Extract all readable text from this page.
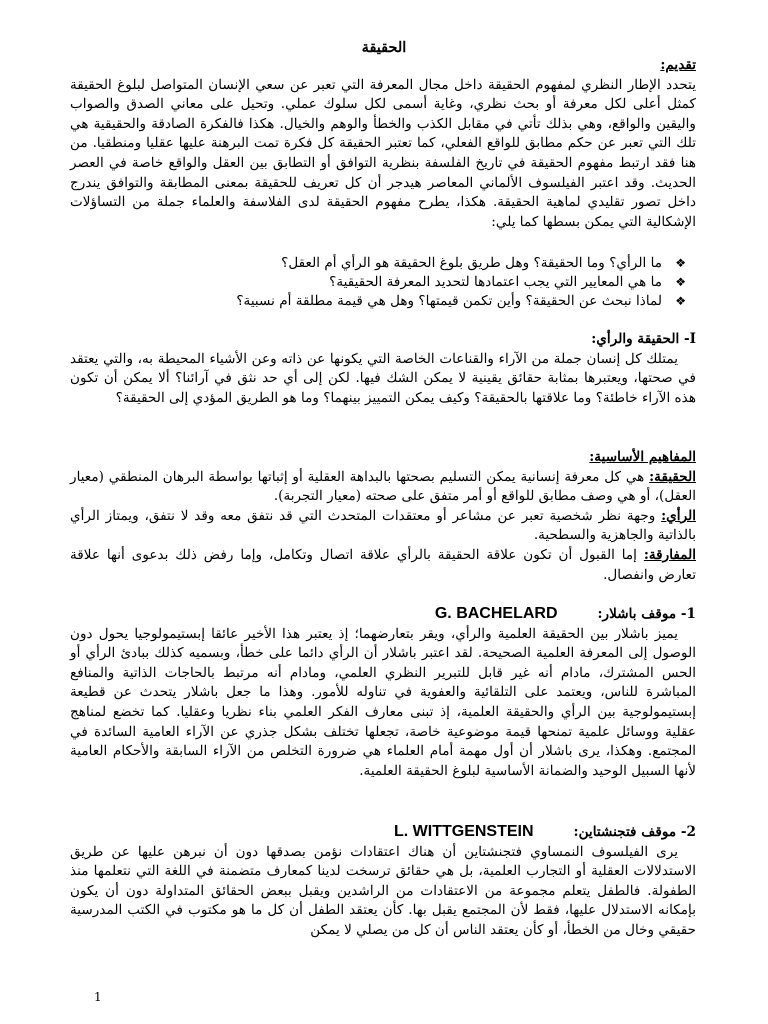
الحقيقة
تقديم:
يتحدد الإطار النظري لمفهوم الحقيقة داخل مجال المعرفة التي تعبر عن سعي الإنسان المتواصل لبلوغ الحقيقة كمثل أعلى لكل معرفة أو بحث نظري، وغاية أسمى لكل سلوك عملي. وتحيل على معاني الصدق والصواب واليقين والواقع، وهي بذلك تأتي في مقابل الكذب والخطأ والوهم والخيال. هكذا فالفكرة الصادقة والحقيقية هي تلك التي تعبر عن حكم مطابق للواقع الفعلي، كما تعتبر الحقيقة كل فكرة تمت البرهنة عليها عقليا ومنطقيا. من هنا فقد ارتبط مفهوم الحقيقة في تاريخ الفلسفة بنظرية التوافق أو التطابق بين العقل والواقع خاصة في العصر الحديث. وقد اعتبر الفيلسوف الألماني المعاصر هيدجر أن كل تعريف للحقيقة بمعنى المطابقة والتوافق يندرج داخل تصور تقليدي لماهية الحقيقة. هكذا، يطرح مفهوم الحقيقة لدى الفلاسفة والعلماء جملة من التساؤلات الإشكالية التي يمكن بسطها كما يلي:
❖
ما الرأي؟ وما الحقيقة؟ وهل طريق بلوغ الحقيقة هو الرأي أم العقل؟
❖
ما هي المعايير التي يجب اعتمادها لتحديد المعرفة الحقيقية؟
❖
لماذا نبحث عن الحقيقة؟ وأين تكمن قيمتها؟ وهل هي قيمة مطلقة أم نسبية؟
I- الحقيقة والرأي:
يمتلك كل إنسان جملة من الآراء والقناعات الخاصة التي يكونها عن ذاته وعن الأشياء المحيطة به، والتي يعتقد في صحتها، ويعتبرها بمثابة حقائق يقينية لا يمكن الشك فيها. لكن إلى أي حد نثق في آرائنا؟ ألا يمكن أن تكون هذه الآراء خاطئة؟ وما علاقتها بالحقيقة؟ وكيف يمكن التمييز بينهما؟ وما هو الطريق المؤدي إلى الحقيقة؟
المفاهيم الأساسية:
الحقيقة: هي كل معرفة إنسانية يمكن التسليم بصحتها بالبداهة العقلية أو إثباتها بواسطة البرهان المنطقي (معيار العقل)، أو هي وصف مطابق للواقع أو أمر متفق على صحته (معيار التجربة).
الرأي: وجهة نظر شخصية تعبر عن مشاعر أو معتقدات المتحدث التي قد نتفق معه وقد لا نتفق، ويمتاز الرأي بالذاتية والجاهزية والسطحية.
المفارقة: إما القبول أن تكون علاقة الحقيقة بالرأي علاقة اتصال وتكامل، وإما رفض ذلك بدعوى أنها علاقة تعارض وانفصال.
1- موقف باشلار:
G. BACHELARD
يميز باشلار بين الحقيقة العلمية والرأي، ويقر بتعارضهما؛ إذ يعتبر هذا الأخير عائقا إبستيمولوجيا يحول دون الوصول إلى المعرفة العلمية الصحيحة. لقد اعتبر باشلار أن الرأي دائما على خطأ، وبسميه كذلك ببادئ الرأي أو الحس المشترك، مادام أنه غير قابل للتبرير النظري العلمي، ومادام أنه مرتبط بالحاجات الذاتية والمنافع المباشرة للناس، ويعتمد على التلقائية والعفوية في تناوله للأمور. وهذا ما جعل باشلار يتحدث عن قطيعة إبستيمولوجية بين الرأي والحقيقة العلمية، إذ تبنى معارف الفكر العلمي بناء نظريا وعقليا. كما تخضع لمناهج عقلية ووسائل علمية تمنحها قيمة موضوعية خاصة، تجعلها تختلف بشكل جذري عن الآراء العامية السائدة في المجتمع. وهكذا، يرى باشلار أن أول مهمة أمام العلماء هي ضرورة التخلص من الآراء السابقة والأحكام العامية لأنها السبيل الوحيد والضمانة الأساسية لبلوغ الحقيقة العلمية.
2- موقف فتجنشتاين:
L. WITTGENSTEIN
يرى الفيلسوف النمساوي فتجنشتاين أن هناك اعتقادات نؤمن بصدقها دون أن نبرهن عليها عن طريق الاستدلالات العقلية أو التجارب العلمية، بل هي حقائق ترسخت لدينا كمعارف متضمنة في اللغة التي نتعلمها منذ الطفولة. فالطفل يتعلم مجموعة من الاعتقادات من الراشدين ويقبل ببعض الحقائق المتداولة دون أن يكون بإمكانه الاستدلال عليها، فقط لأن المجتمع يقبل بها. كأن يعتقد الطفل أن كل ما هو مكتوب في الكتب المدرسية حقيقي وخال من الخطأ، أو كأن يعتقد الناس أن كل من يصلي لا يمكن
1
